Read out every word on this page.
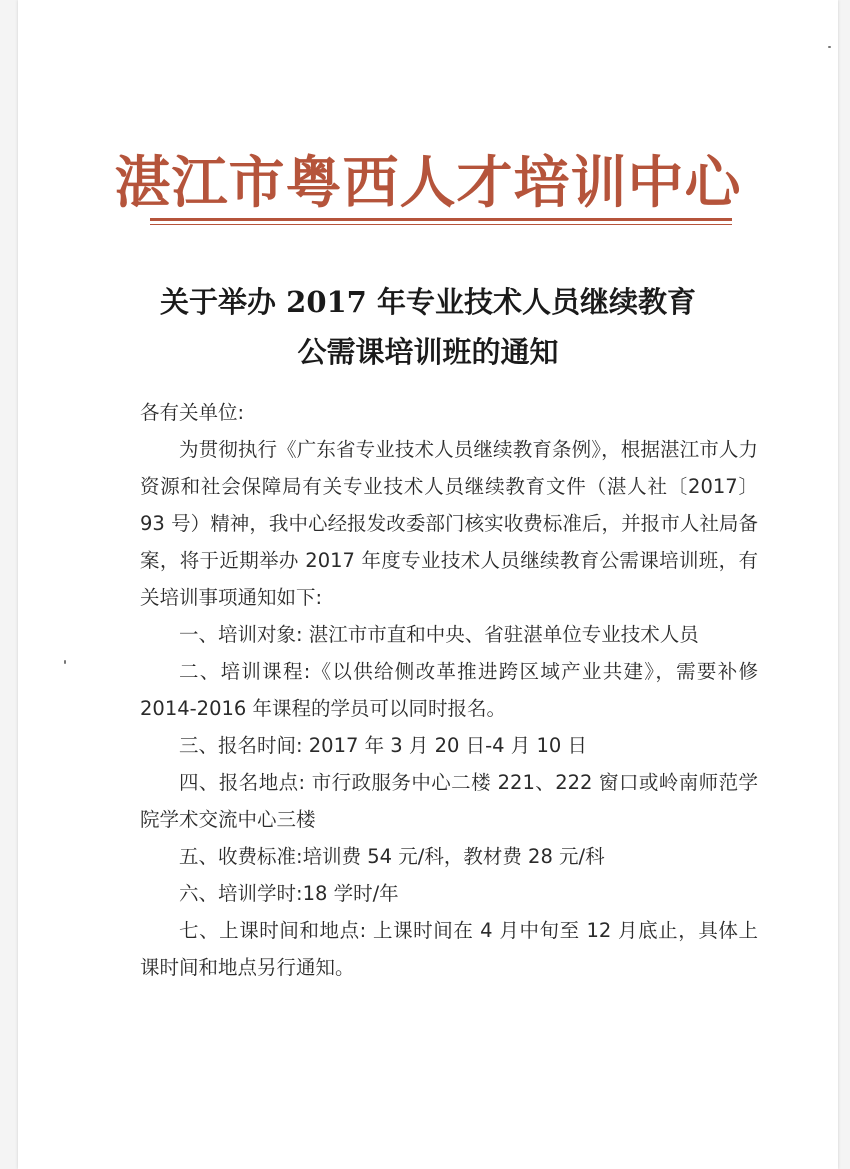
湛江市粤西人才培训中心
关于举办 2017 年专业技术人员继续教育
公需课培训班的通知

各有关单位:

为贯彻执行《广东省专业技术人员继续教育条例》，根据湛江市人力资源和社会保障局有关专业技术人员继续教育文件（湛人社〔2017〕93 号）精神，我中心经报发改委部门核实收费标准后，并报市人社局备案，将于近期举办 2017 年度专业技术人员继续教育公需课培训班，有关培训事项通知如下:

一、培训对象: 湛江市市直和中央、省驻湛单位专业技术人员

二、培训课程:《以供给侧改革推进跨区域产业共建》，需要补修 2014-2016 年课程的学员可以同时报名。

三、报名时间: 2017 年 3 月 20 日-4 月 10 日

四、报名地点: 市行政服务中心二楼 221、222 窗口或岭南师范学院学术交流中心三楼

五、收费标准:培训费 54 元/科，教材费 28 元/科

六、培训学时:18 学时/年

七、上课时间和地点: 上课时间在 4 月中旬至 12 月底止，具体上课时间和地点另行通知。
